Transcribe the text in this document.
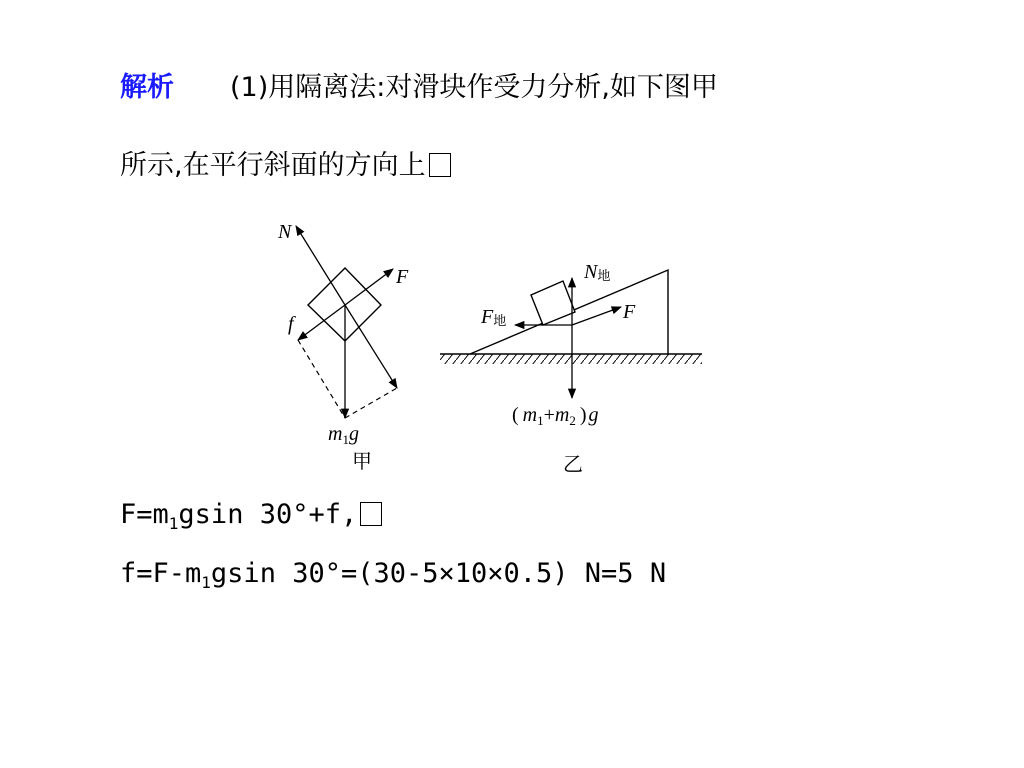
解析 (1)用隔离法:对滑块作受力分析,如下图甲
所示,在平行斜面的方向上
N
F
f
$m_1g$
甲
N地
F地	F
( $m_1+m_2$ ) g
乙
$F=m_1gsin$ 30°+f,
$f=F-m_1gsin$ 30°=(30-5×10×0.5) N=5 N
